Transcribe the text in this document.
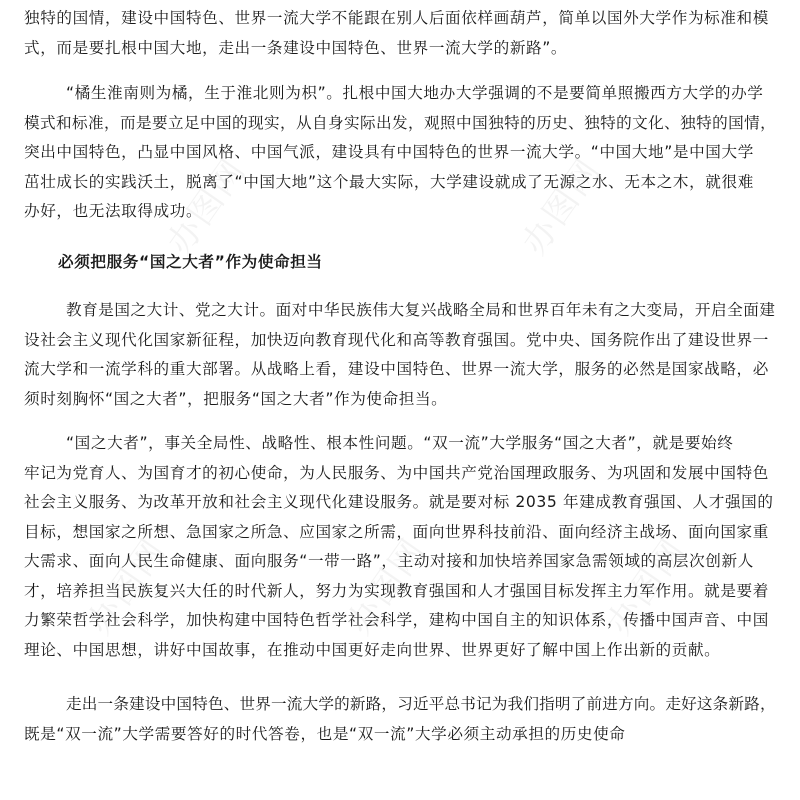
办图网	办图网
办图网	办图网	办图网
独特的国情，建设中国特色、世界一流大学不能跟在别人后面依样画葫芦，简单以国外大学作为标准和模
式，而是要扎根中国大地，走出一条建设中国特色、世界一流大学的新路”。
“橘生淮南则为橘，生于淮北则为枳”。扎根中国大地办大学强调的不是要简单照搬西方大学的办学
模式和标准，而是要立足中国的现实，从自身实际出发，观照中国独特的历史、独特的文化、独特的国情，
突出中国特色，凸显中国风格、中国气派，建设具有中国特色的世界一流大学。“中国大地”是中国大学
茁壮成长的实践沃土，脱离了“中国大地”这个最大实际，大学建设就成了无源之水、无本之木，就很难
办好，也无法取得成功。
必须把服务“国之大者”作为使命担当
教育是国之大计、党之大计。面对中华民族伟大复兴战略全局和世界百年未有之大变局，开启全面建
设社会主义现代化国家新征程，加快迈向教育现代化和高等教育强国。党中央、国务院作出了建设世界一
流大学和一流学科的重大部署。从战略上看，建设中国特色、世界一流大学，服务的必然是国家战略，必
须时刻胸怀“国之大者”，把服务“国之大者”作为使命担当。
“国之大者”，事关全局性、战略性、根本性问题。“双一流”大学服务“国之大者”，就是要始终
牢记为党育人、为国育才的初心使命，为人民服务、为中国共产党治国理政服务、为巩固和发展中国特色
社会主义服务、为改革开放和社会主义现代化建设服务。就是要对标 2035 年建成教育强国、人才强国的
目标，想国家之所想、急国家之所急、应国家之所需，面向世界科技前沿、面向经济主战场、面向国家重
大需求、面向人民生命健康、面向服务“一带一路”，主动对接和加快培养国家急需领域的高层次创新人
才，培养担当民族复兴大任的时代新人，努力为实现教育强国和人才强国目标发挥主力军作用。就是要着
力繁荣哲学社会科学，加快构建中国特色哲学社会科学，建构中国自主的知识体系，传播中国声音、中国
理论、中国思想，讲好中国故事，在推动中国更好走向世界、世界更好了解中国上作出新的贡献。
走出一条建设中国特色、世界一流大学的新路，习近平总书记为我们指明了前进方向。走好这条新路，
既是“双一流”大学需要答好的时代答卷，也是“双一流”大学必须主动承担的历史使命
